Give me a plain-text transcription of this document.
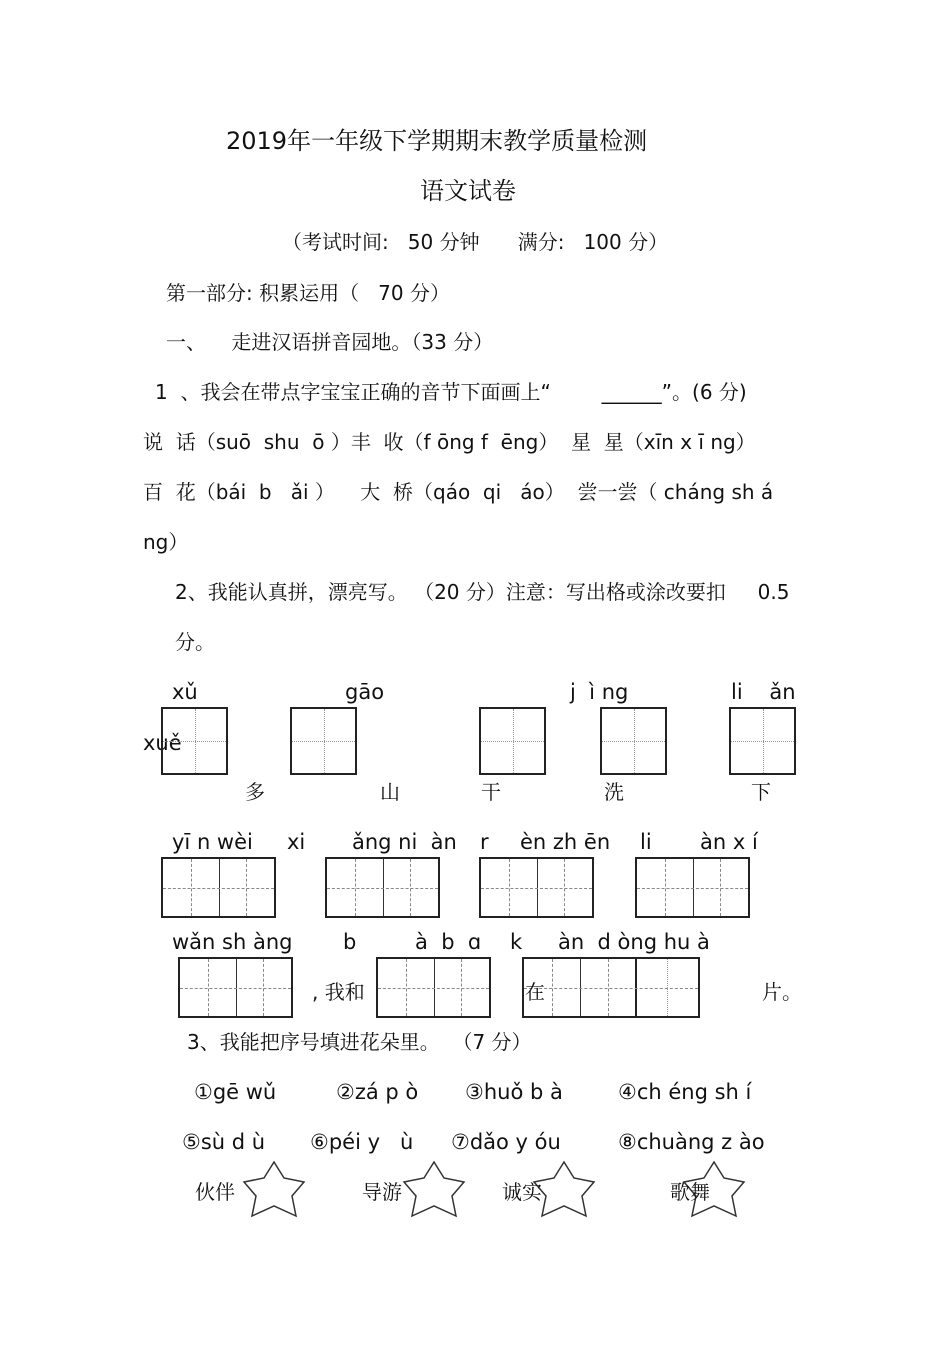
2019年一年级下学期期末教学质量检测
语文试卷
（考试时间:   50 分钟      满分:   100 分）
第一部分: 积累运用（   70 分）
一、    走进汉语拼音园地。（33 分）
1  、我会在带点字宝宝正确的音节下面画上“        ______”。(6 分)
说  话（suō  shu  ō ）丰  收（f ōng f  ēng）  星  星（xīn x ī ng）
百  花（bái  b   ǎi ）    大  桥（qáo  qi   áo）  尝一尝（ cháng sh á
ng）
2、我能认真拼，漂亮写。 （20 分）注意：写出格或涂改要扣     0.5
分。
xǔ	gāo	j  ì ng	li    ǎn
xuě
多	山	干	洗	下
yī n wèi xi ǎng ni  àn r èn zh ēn li àn x í
wǎn sh àng b	à  b  ɑ k àn  d òng hu à
, 我和	在	片。
3、我能把序号填进花朵里。  （7 分）
①gē wǔ	②zá p ò ③huǒ b à	④ch éng sh í
⑤sù d ù ⑥péi y   ù ⑦dǎo y óu	⑧chuàng z ào
伙伴	导游	诚实	歌舞
